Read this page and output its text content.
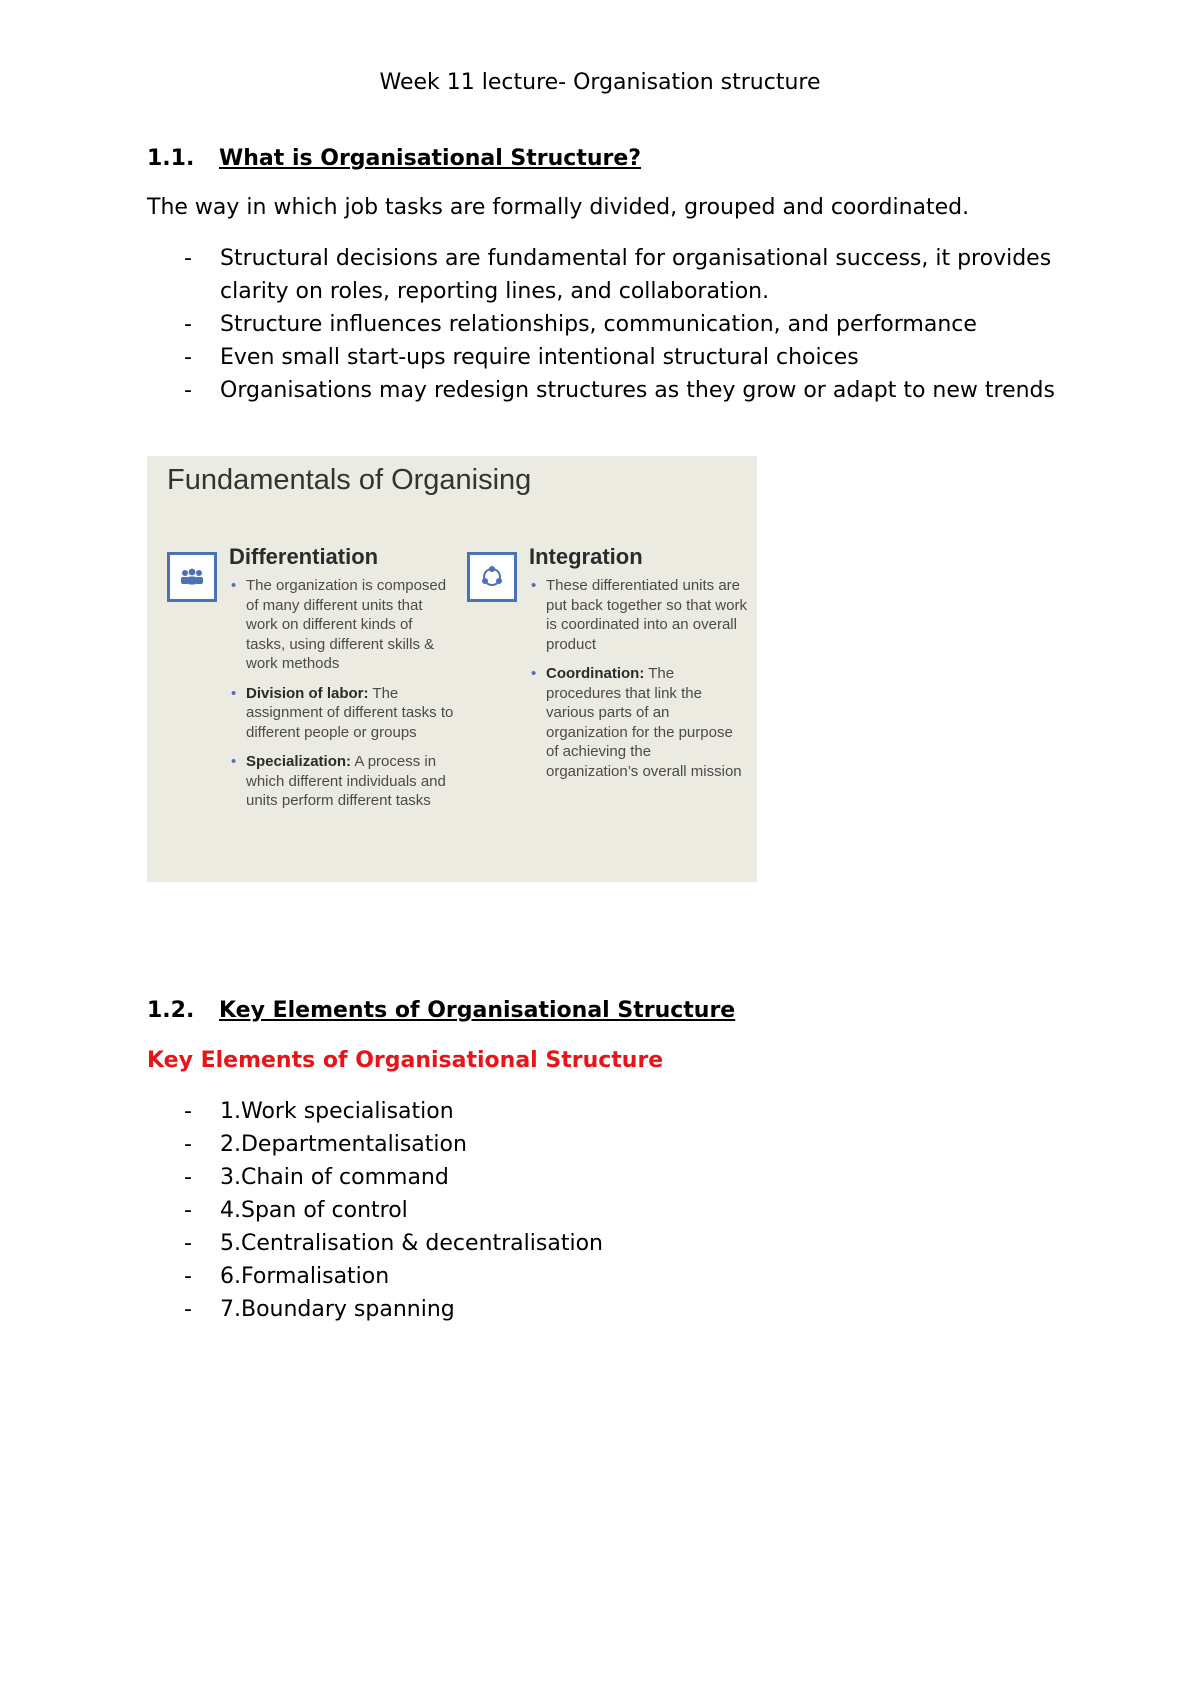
Week 11 lecture- Organisation structure
1.1. What is Organisational Structure?
The way in which job tasks are formally divided, grouped and coordinated.
- Structural decisions are fundamental for organisational success, it provides clarity on roles, reporting lines, and collaboration.
- Structure influences relationships, communication, and performance
- Even small start-ups require intentional structural choices
- Organisations may redesign structures as they grow or adapt to new trends
Fundamentals of Organising
Differentiation
• The organization is composed of many different units that work on different kinds of tasks, using different skills & work methods
• Division of labor: The assignment of different tasks to different people or groups
• Specialization: A process in which different individuals and units perform different tasks
Integration
• These differentiated units are put back together so that work is coordinated into an overall product
• Coordination: The procedures that link the various parts of an organization for the purpose of achieving the organization’s overall mission
1.2. Key Elements of Organisational Structure
Key Elements of Organisational Structure
- 1.Work specialisation
- 2.Departmentalisation
- 3.Chain of command
- 4.Span of control
- 5.Centralisation & decentralisation
- 6.Formalisation
- 7.Boundary spanning
